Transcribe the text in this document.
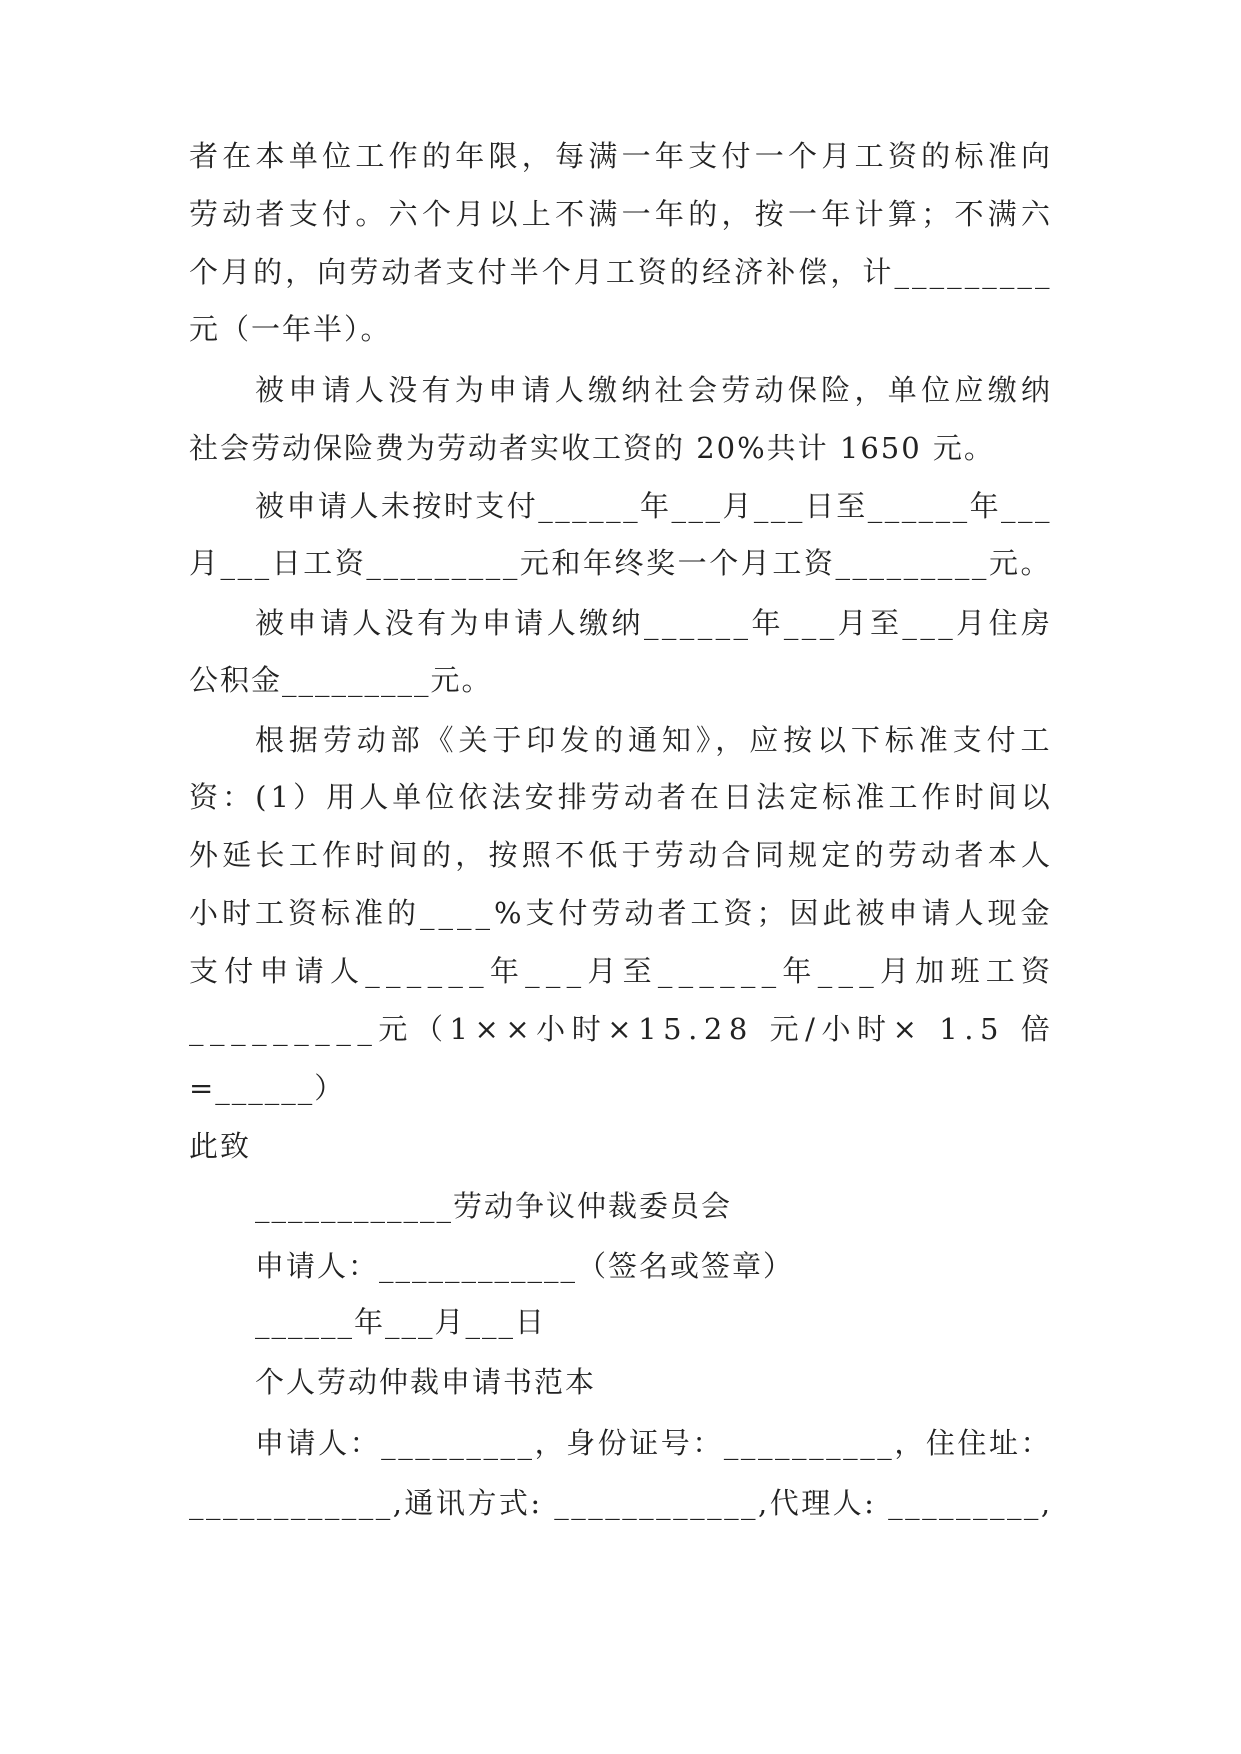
者在本单位工作的年限，每满一年支付一个月工资的标准向

劳动者支付。六个月以上不满一年的，按一年计算；不满六

个月的，向劳动者支付半个月工资的经济补偿，计_________

元（一年半）。

被申请人没有为申请人缴纳社会劳动保险，单位应缴纳

社会劳动保险费为劳动者实收工资的 20%共计 1650 元。

被申请人未按时支付______年___月___日至______年___

月___日工资_________元和年终奖一个月工资_________元。

被申请人没有为申请人缴纳______年___月至___月住房

公积金_________元。

根据劳动部《关于印发的通知》，应按以下标准支付工

资：(1）用人单位依法安排劳动者在日法定标准工作时间以

外延长工作时间的，按照不低于劳动合同规定的劳动者本人

小时工资标准的____%支付劳动者工资；因此被申请人现金

支付申请人______年___月至______年___月加班工资

_________元（1××小时×15.28 元/小时× 1.5 倍

=______）

此致

____________劳动争议仲裁委员会

申请人：____________（签名或签章）

______年___月___日

个人劳动仲裁申请书范本

申请人：_________，身份证号：__________，住住址：

____________,通讯方式: ____________,代理人: _________,
